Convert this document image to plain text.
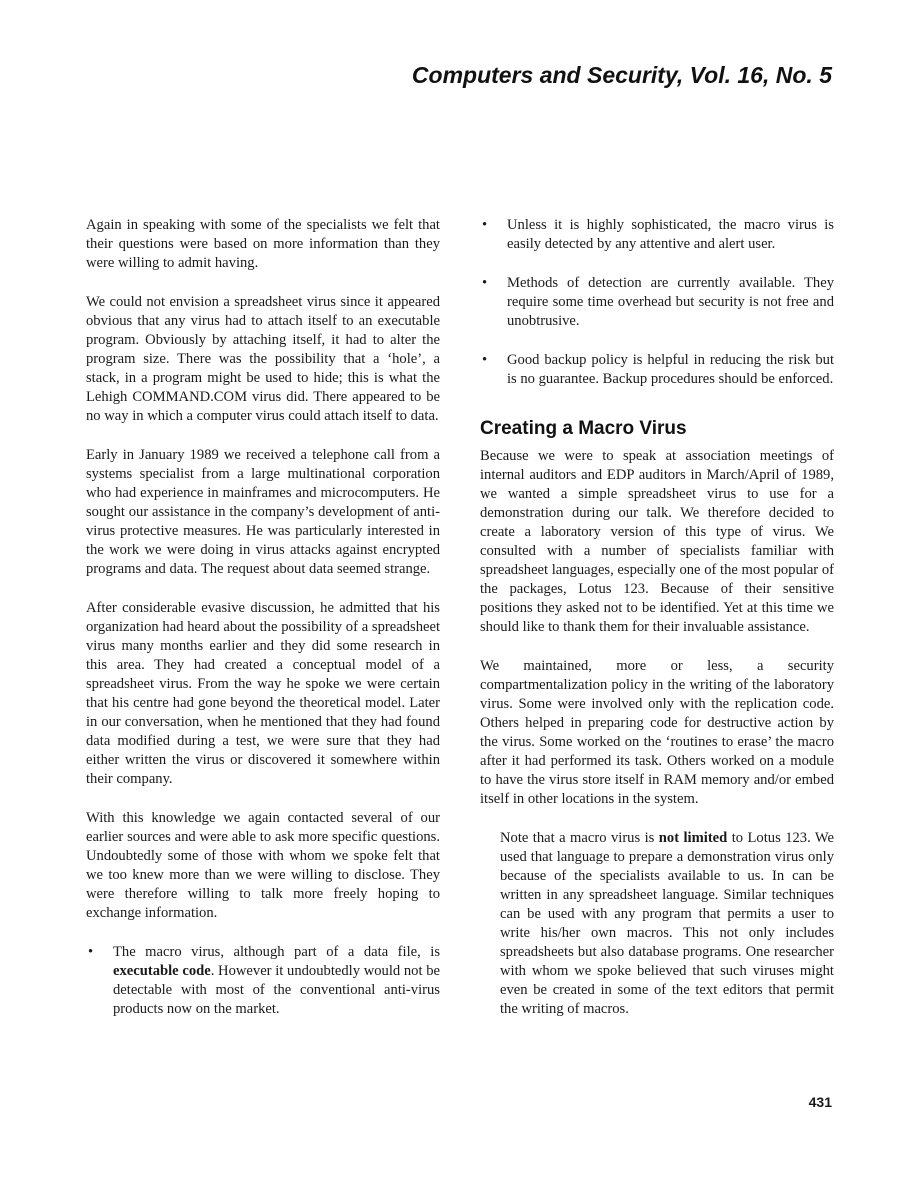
Computers and Security, Vol. 16, No. 5

Again in speaking with some of the specialists we felt that their questions were based on more information than they were willing to admit having.

We could not envision a spreadsheet virus since it appeared obvious that any virus had to attach itself to an executable program. Obviously by attaching itself, it had to alter the program size. There was the possibility that a ‘hole’, a stack, in a program might be used to hide; this is what the Lehigh COMMAND.COM virus did. There appeared to be no way in which a computer virus could attach itself to data.

Early in January 1989 we received a telephone call from a systems specialist from a large multinational corporation who had experience in mainframes and microcomputers. He sought our assistance in the company’s development of anti-virus protective measures. He was particularly interested in the work we were doing in virus attacks against encrypted programs and data. The request about data seemed strange.

After considerable evasive discussion, he admitted that his organization had heard about the possibility of a spreadsheet virus many months earlier and they did some research in this area. They had created a conceptual model of a spreadsheet virus. From the way he spoke we were certain that his centre had gone beyond the theoretical model. Later in our conversation, when he mentioned that they had found data modified during a test, we were sure that they had either written the virus or discovered it somewhere within their company.

With this knowledge we again contacted several of our earlier sources and were able to ask more specific questions. Undoubtedly some of those with whom we spoke felt that we too knew more than we were willing to disclose. They were therefore willing to talk more freely hoping to exchange information.

• The macro virus, although part of a data file, is executable code. However it undoubtedly would not be detectable with most of the conventional anti-virus products now on the market.
• Unless it is highly sophisticated, the macro virus is easily detected by any attentive and alert user.
• Methods of detection are currently available. They require some time overhead but security is not free and unobtrusive.
• Good backup policy is helpful in reducing the risk but is no guarantee. Backup procedures should be enforced.
Creating a Macro Virus

Because we were to speak at association meetings of internal auditors and EDP auditors in March/April of 1989, we wanted a simple spreadsheet virus to use for a demonstration during our talk. We therefore decided to create a laboratory version of this type of virus. We consulted with a number of specialists familiar with spreadsheet languages, especially one of the most popular of the packages, Lotus 123. Because of their sensitive positions they asked not to be identified. Yet at this time we should like to thank them for their invaluable assistance.

We maintained, more or less, a security compartmentalization policy in the writing of the laboratory virus. Some were involved only with the replication code. Others helped in preparing code for destructive action by the virus. Some worked on the ‘routines to erase’ the macro after it had performed its task. Others worked on a module to have the virus store itself in RAM memory and/or embed itself in other locations in the system.

Note that a macro virus is not limited to Lotus 123. We used that language to prepare a demonstration virus only because of the specialists available to us. In can be written in any spreadsheet language. Similar techniques can be used with any program that permits a user to write his/her own macros. This not only includes spreadsheets but also database programs. One researcher with whom we spoke believed that such viruses might even be created in some of the text editors that permit the writing of macros.

431
